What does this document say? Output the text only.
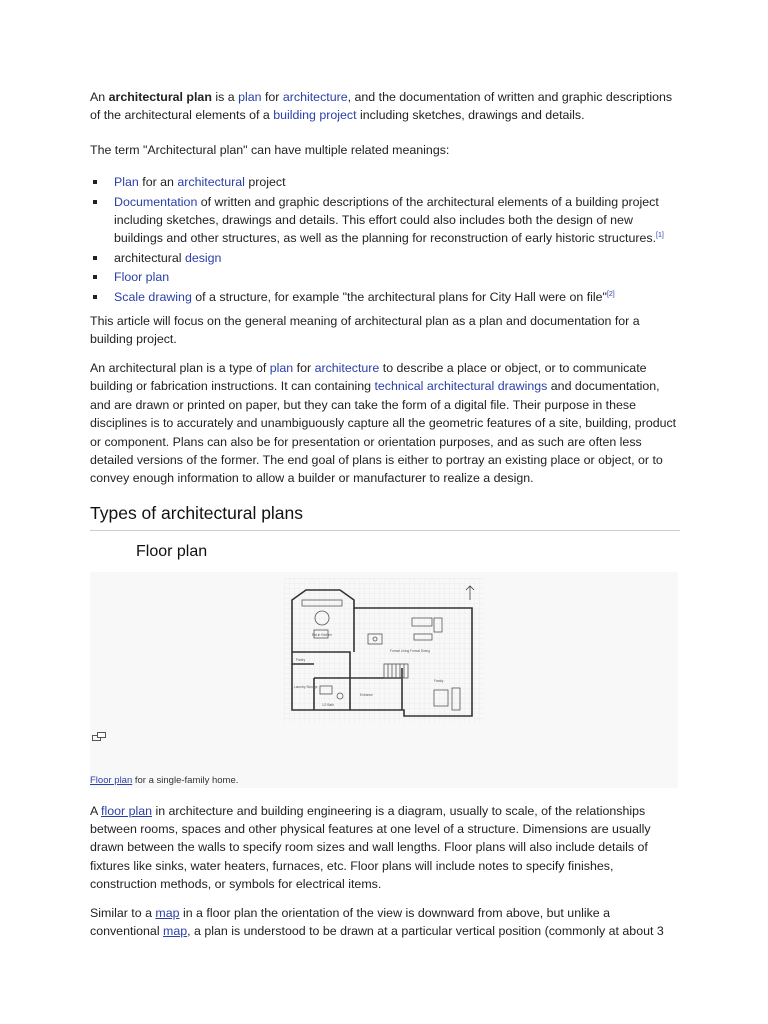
An architectural plan is a plan for architecture, and the documentation of written and graphic descriptions of the architectural elements of a building project including sketches, drawings and details.

The term "Architectural plan" can have multiple related meanings:

Plan for an architectural project
Documentation of written and graphic descriptions of the architectural elements of a building project including sketches, drawings and details. This effort could also includes both the design of new buildings and other structures, as well as the planning for reconstruction of early historic structures.[1]
architectural design
Floor plan
Scale drawing of a structure, for example "the architectural plans for City Hall were on file"[2]

This article will focus on the general meaning of architectural plan as a plan and documentation for a building project.

An architectural plan is a type of plan for architecture to describe a place or object, or to communicate building or fabrication instructions. It can containing technical architectural drawings and documentation, and are drawn or printed on paper, but they can take the form of a digital file. Their purpose in these disciplines is to accurately and unambiguously capture all the geometric features of a site, building, product or component. Plans can also be for presentation or orientation purposes, and as such are often less detailed versions of the former. The end goal of plans is either to portray an existing place or object, or to convey enough information to allow a builder or manufacturer to realize a design.

Types of architectural plans
Floor plan
Eat-in Kitchen
Pantry
Laundry Storage
1/2 Bath
Entrance
Formal Living Formal Dining
Family
Floor plan for a single-family home.

A floor plan in architecture and building engineering is a diagram, usually to scale, of the relationships between rooms, spaces and other physical features at one level of a structure. Dimensions are usually drawn between the walls to specify room sizes and wall lengths. Floor plans will also include details of fixtures like sinks, water heaters, furnaces, etc. Floor plans will include notes to specify finishes, construction methods, or symbols for electrical items.

Similar to a map in a floor plan the orientation of the view is downward from above, but unlike a conventional map, a plan is understood to be drawn at a particular vertical position (commonly at about 3
